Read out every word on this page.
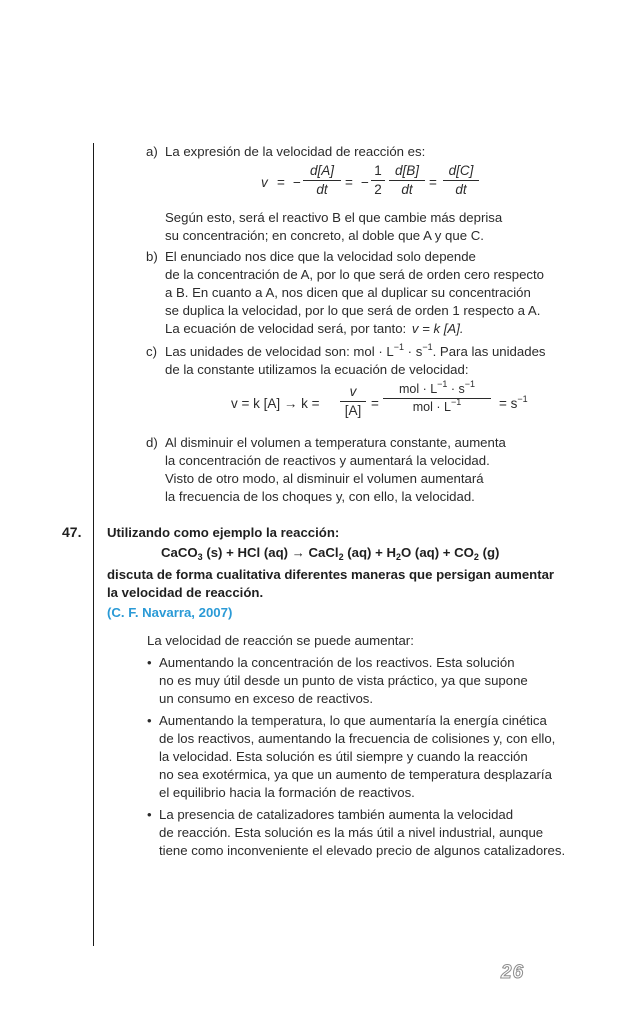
a) La expresión de la velocidad de reacción es:
v = −
d[A]
dt	= −
1
2
d[B]
dt	=
d[C]
dt
Según esto, será el reactivo B el que cambie más deprisa
su concentración; en concreto, al doble que A y que C.
b) El enunciado nos dice que la velocidad solo depende
de la concentración de A, por lo que será de orden cero respecto
a B. En cuanto a A, nos dicen que al duplicar su concentración
se duplica la velocidad, por lo que será de orden 1 respecto a A.
La ecuación de velocidad será, por tanto: v = k [A].
c) Las unidades de velocidad son: mol · $L^{-1} \cdot s^{-1}$. Para las unidades
de la constante utilizamos la ecuación de velocidad:
v = k [A] → k =
v
[A] =
mol · $L^{-1} \cdot s^{-1}$
mol · $L^{-1}$	= $s^{-1}$
d) Al disminuir el volumen a temperatura constante, aumenta
la concentración de reactivos y aumentará la velocidad.
Visto de otro modo, al disminuir el volumen aumentará
la frecuencia de los choques y, con ello, la velocidad.
47. Utilizando como ejemplo la reacción:
CaCO$_3$ (s) + HCl (aq) → CaCl$_2$ $(aq) + H_2O$ $(aq) + CO_2$ (g)
discuta de forma cualitativa diferentes maneras que persigan aumentar
la velocidad de reacción.
(C. F. Navarra, 2007)
La velocidad de reacción se puede aumentar:
• Aumentando la concentración de los reactivos. Esta solución
no es muy útil desde un punto de vista práctico, ya que supone
un consumo en exceso de reactivos.
• Aumentando la temperatura, lo que aumentaría la energía cinética
de los reactivos, aumentando la frecuencia de colisiones y, con ello,
la velocidad. Esta solución es útil siempre y cuando la reacción
no sea exotérmica, ya que un aumento de temperatura desplazaría
el equilibrio hacia la formación de reactivos.
• La presencia de catalizadores también aumenta la velocidad
de reacción. Esta solución es la más útil a nivel industrial, aunque
tiene como inconveniente el elevado precio de algunos catalizadores.
26
